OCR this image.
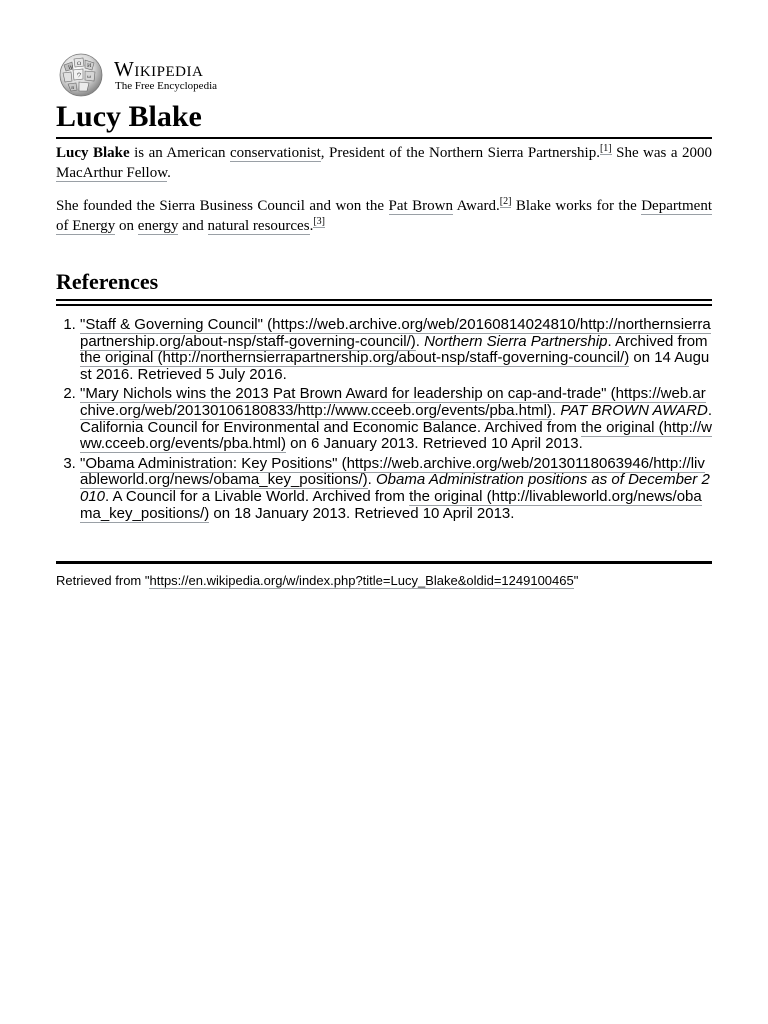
W
Ω И
ウ ω
я
Wikipedia
The Free Encyclopedia
Lucy Blake

Lucy Blake is an American conservationist, President of the Northern Sierra Partnership.[1] She was a 2000 MacArthur Fellow.

She founded the Sierra Business Council and won the Pat Brown Award.[2] Blake works for the Department of Energy on energy and natural resources.[3]

References
1. "Staff & Governing Council" (https://web.archive.org/web/20160814024810/http://northernsierrapartnership.org/about-nsp/staff-governing-council/). Northern Sierra Partnership. Archived from the original (http://northernsierrapartnership.org/about-nsp/staff-governing-council/) on 14 August 2016. Retrieved 5 July 2016.
2. "Mary Nichols wins the 2013 Pat Brown Award for leadership on cap-and-trade" (https://web.archive.org/web/20130106180833/http://www.cceeb.org/events/pba.html). PAT BROWN AWARD. California Council for Environmental and Economic Balance. Archived from the original (http://www.cceeb.org/events/pba.html) on 6 January 2013. Retrieved 10 April 2013.
3. "Obama Administration: Key Positions" (https://web.archive.org/web/20130118063946/http://livableworld.org/news/obama_key_positions/). Obama Administration positions as of December 2010. A Council for a Livable World. Archived from the original (http://livableworld.org/news/obama_key_positions/) on 18 January 2013. Retrieved 10 April 2013.
Retrieved from "https://en.wikipedia.org/w/index.php?title=Lucy_Blake&oldid=1249100465"
